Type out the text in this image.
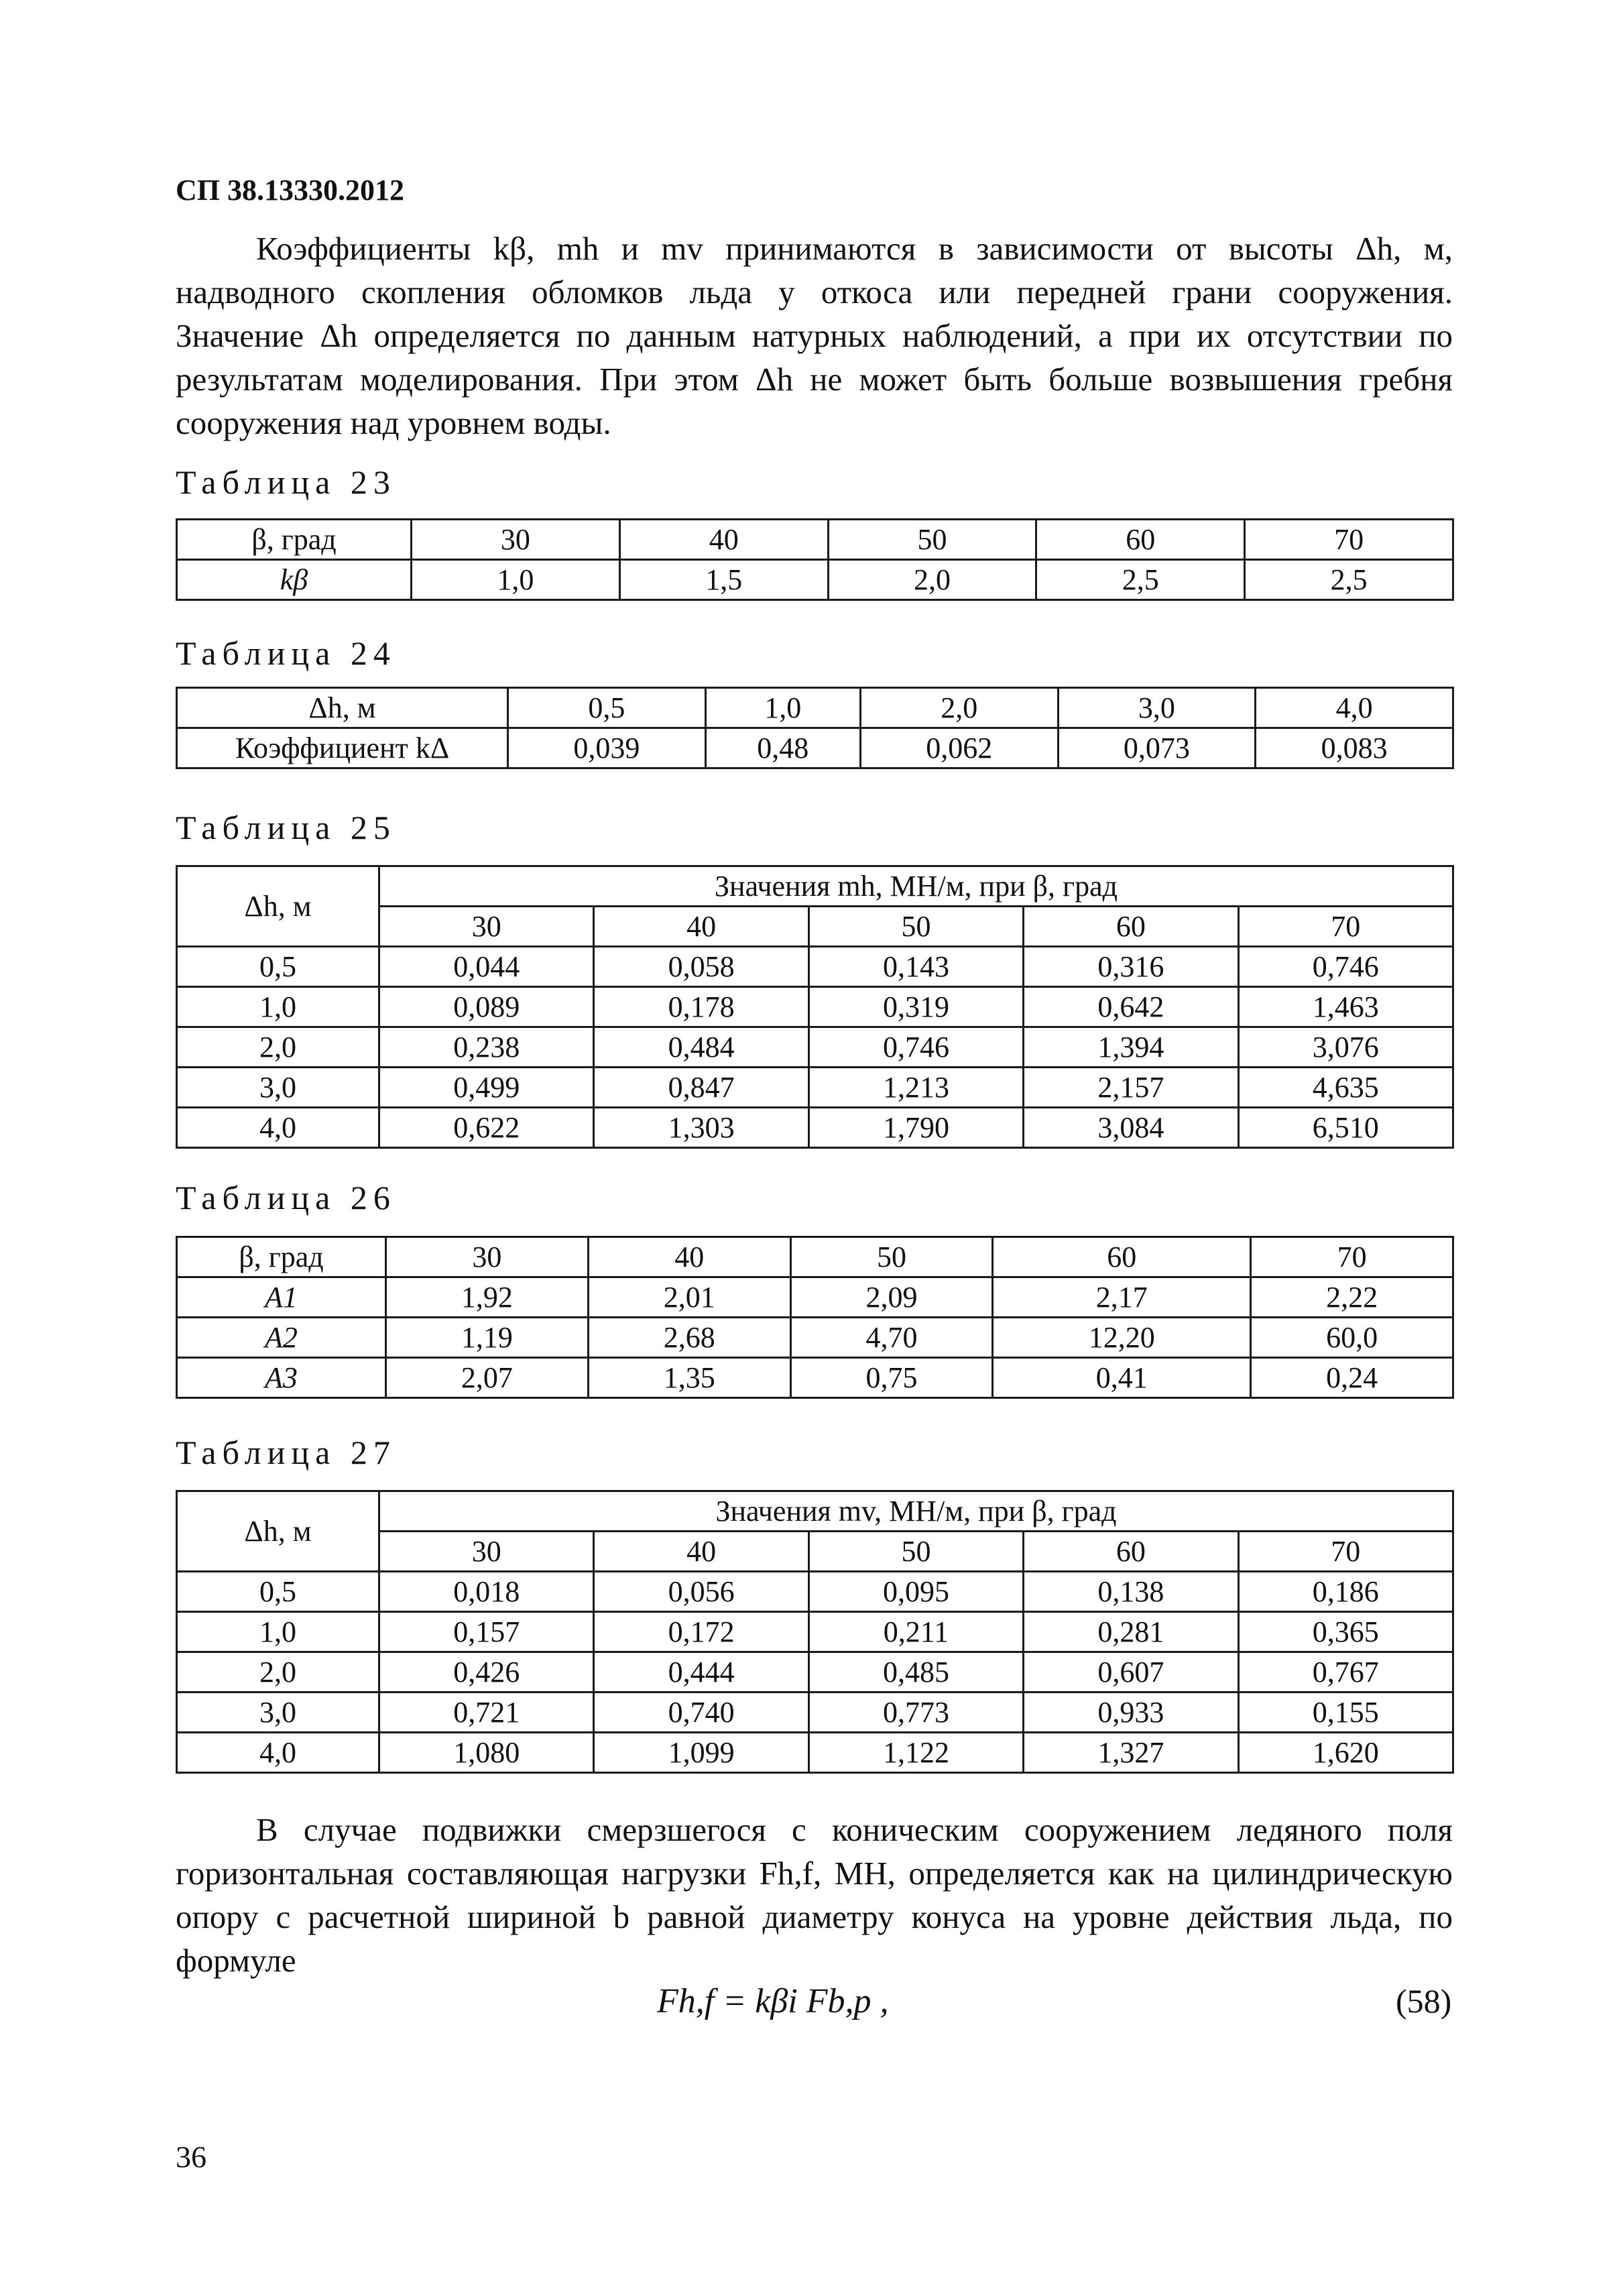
СП 38.13330.2012

Коэффициенты kβ, mh и mv принимаются в зависимости от высоты Δh, м,

надводного скопления обломков льда у откоса или передней грани сооружения.

Значение Δh определяется по данным натурных наблюдений, а при их отсутствии по

результатам моделирования. При этом Δh не может быть больше возвышения гребня

сооружения над уровнем воды.

Таблица 23
β, град	30	40	50	60	70
kβ	1,0	1,5	2,0	2,5	2,5
Таблица 24
Δh, м	0,5	1,0	2,0	3,0	4,0
Коэффициент kΔ	0,039	0,48	0,062	0,073	0,083
Таблица 25
Δh, м	Значения mh, МН/м, при β, град				
	30	40	50	60	70
0,5	0,044	0,058	0,143	0,316	0,746
1,0	0,089	0,178	0,319	0,642	1,463
2,0	0,238	0,484	0,746	1,394	3,076
3,0	0,499	0,847	1,213	2,157	4,635
4,0	0,622	1,303	1,790	3,084	6,510
Таблица 26
β, град	30	40	50	60	70
A1	1,92	2,01	2,09	2,17	2,22
A2	1,19	2,68	4,70	12,20	60,0
A3	2,07	1,35	0,75	0,41	0,24
Таблица 27
Δh, м	Значения mv, МН/м, при β, град				
	30	40	50	60	70
0,5	0,018	0,056	0,095	0,138	0,186
1,0	0,157	0,172	0,211	0,281	0,365
2,0	0,426	0,444	0,485	0,607	0,767
3,0	0,721	0,740	0,773	0,933	0,155
4,0	1,080	1,099	1,122	1,327	1,620

В случае подвижки смерзшегося с коническим сооружением ледяного поля

горизонтальная составляющая нагрузки Fh,f, МН, определяется как на цилиндрическую

опору с расчетной шириной b равной диаметру конуса на уровне действия льда, по

формуле

Fh,f = kβi Fb,p ,	(58)
36
